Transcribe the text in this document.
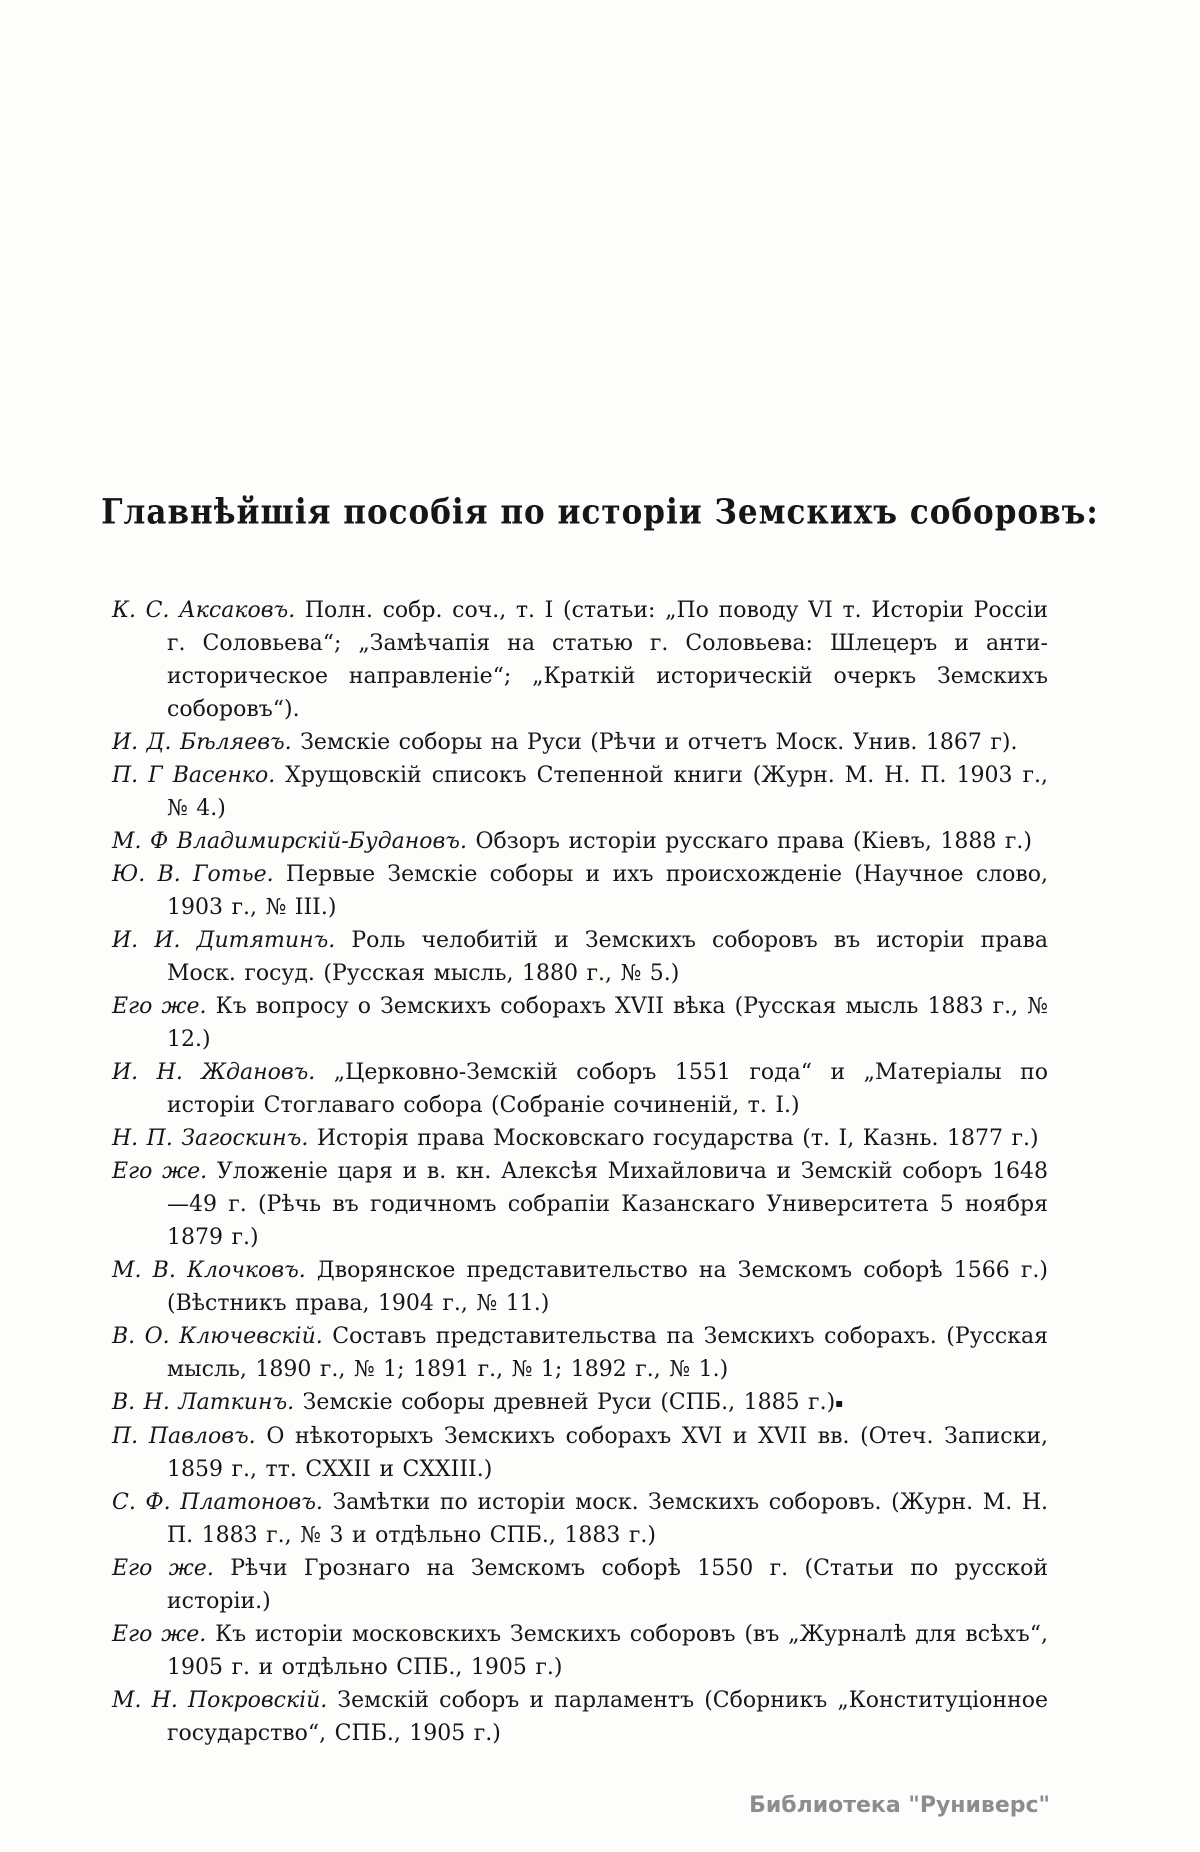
Главнѣйшія пособія по исторіи Земскихъ соборовъ:

К. С. Аксаковъ. Полн. собр. соч., т. I (статьи: „По поводу VI т. Исторіи Россіи г. Соловьева“; „Замѣчапія на статью г. Соловьева: Шлецеръ и анти-историческое направленіе“; „Краткій историческій очеркъ Земскихъ соборовъ“).

И. Д. Бѣляевъ. Земскіе соборы на Руси (Рѣчи и отчетъ Моск. Унив. 1867 г).

П. Г Васенко. Хрущовскій списокъ Степенной книги (Журн. М. Н. П. 1903 г., № 4.)

М. Ф Владимирскій-Будановъ. Обзоръ исторіи русскаго права (Кіевъ, 1888 г.)

Ю. В. Готье. Первые Земскіе соборы и ихъ происхожденіе (Научное слово, 1903 г., № III.)

И. И. Дитятинъ. Роль челобитій и Земскихъ соборовъ въ исторіи права Моск. госуд. (Русская мысль, 1880 г., № 5.)

Его же. Къ вопросу о Земскихъ соборахъ XVII вѣка (Русская мысль 1883 г., № 12.)

И. Н. Ждановъ. „Церковно-Земскій соборъ 1551 года“ и „Матеріалы по исторіи Стоглаваго собора (Собраніе сочиненій, т. I.)

Н. П. Загоскинъ. Исторія права Московскаго государства (т. I, Казнь. 1877 г.)

Его же. Уложеніе царя и в. кн. Алексѣя Михайловича и Земскій соборъ 1648—49 г. (Рѣчь въ годичномъ собрапіи Казанскаго Университета 5 ноября 1879 г.)

М. В. Клочковъ. Дворянское представительство на Земскомъ соборѣ 1566 г.) (Вѣстникъ права, 1904 г., № 11.)

В. О. Ключевскій. Составъ представительства па Земскихъ соборахъ. (Русская мысль, 1890 г., № 1; 1891 г., № 1; 1892 г., № 1.)

В. Н. Латкинъ. Земскіе соборы древней Руси (СПБ., 1885 г.)▪

П. Павловъ. О нѣкоторыхъ Земскихъ соборахъ XVI и XVII вв. (Отеч. Записки, 1859 г., тт. CXXII и CXXIII.)

С. Ф. Платоновъ. Замѣтки по исторіи моск. Земскихъ соборовъ. (Журн. М. Н. П. 1883 г., № 3 и отдѣльно СПБ., 1883 г.)

Его же. Рѣчи Грознаго на Земскомъ соборѣ 1550 г. (Статьи по русской исторіи.)

Его же. Къ исторіи московскихъ Земскихъ соборовъ (въ „Журналѣ для всѣхъ“, 1905 г. и отдѣльно СПБ., 1905 г.)

М. Н. Покровскій. Земскій соборъ и парламентъ (Сборникъ „Конституціонное государство“, СПБ., 1905 г.)

Библиотека "Руниверс"
